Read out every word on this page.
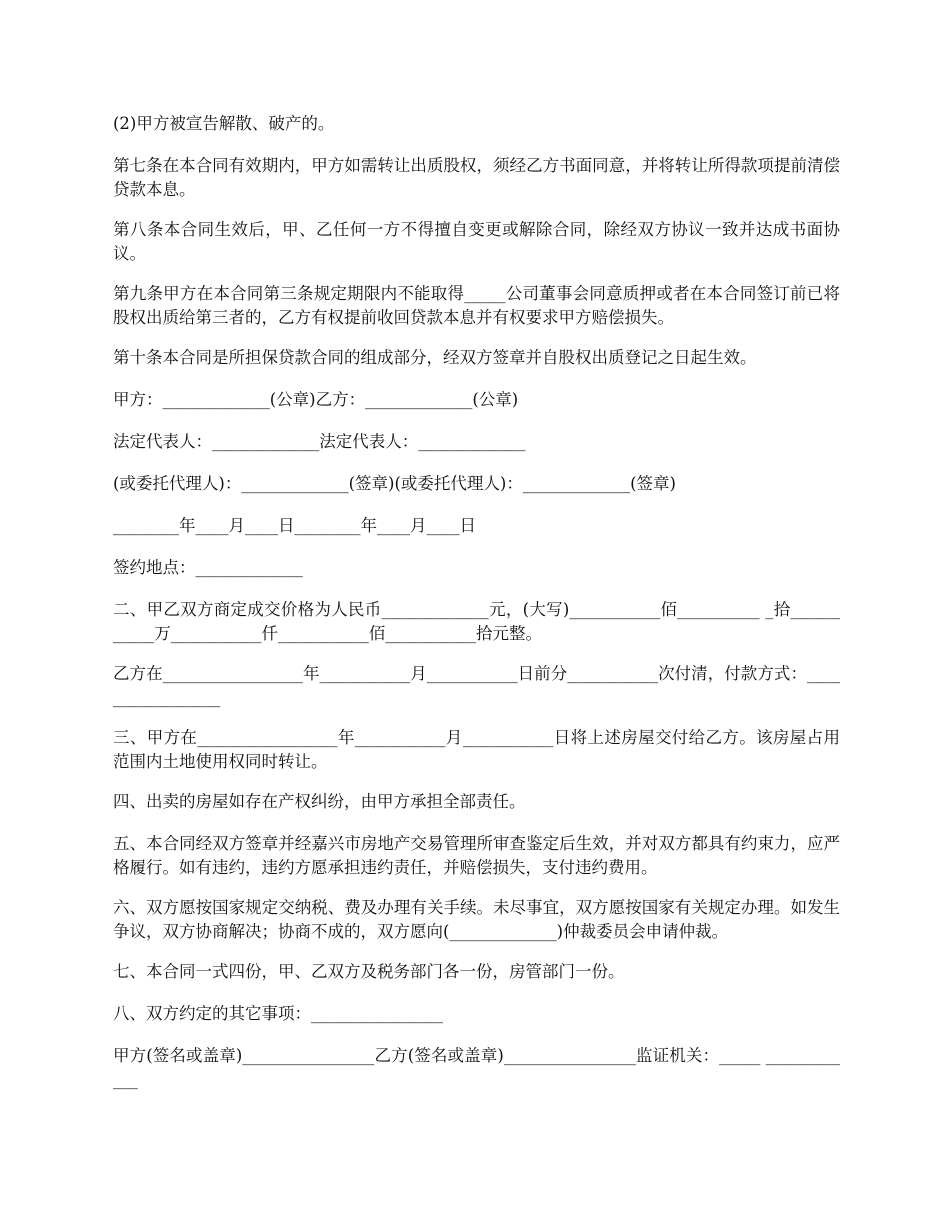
(2)甲方被宣告解散、破产的。

第七条在本合同有效期内，甲方如需转让出质股权，须经乙方书面同意，并将转让所得款项提前清偿贷款本息。

第八条本合同生效后，甲、乙任何一方不得擅自变更或解除合同，除经双方协议一致并达成书面协议。

第九条甲方在本合同第三条规定期限内不能取得_____公司董事会同意质押或者在本合同签订前已将股权出质给第三者的，乙方有权提前收回贷款本息并有权要求甲方赔偿损失。

第十条本合同是所担保贷款合同的组成部分，经双方签章并自股权出质登记之日起生效。

甲方：_____________(公章)乙方：_____________(公章)

法定代表人：_____________法定代表人：_____________

(或委托代理人)：_____________(签章)(或委托代理人)：_____________(签章)

________年____月____日________年____月____日

签约地点：_____________

二、甲乙双方商定成交价格为人民币_____________元，(大写)___________佰__________ _拾___________万___________仟___________佰___________拾元整。

乙方在_________________年___________月___________日前分___________次付清，付款方式：_________________

三、甲方在_________________年___________月___________日将上述房屋交付给乙方。该房屋占用范围内土地使用权同时转让。

四、出卖的房屋如存在产权纠纷，由甲方承担全部责任。

五、本合同经双方签章并经嘉兴市房地产交易管理所审查鉴定后生效，并对双方都具有约束力，应严格履行。如有违约，违约方愿承担违约责任，并赔偿损失，支付违约费用。

六、双方愿按国家规定交纳税、费及办理有关手续。未尽事宜，双方愿按国家有关规定办理。如发生争议，双方协商解决；协商不成的，双方愿向(_____________)仲裁委员会申请仲裁。

七、本合同一式四份，甲、乙双方及税务部门各一份，房管部门一份。

八、双方约定的其它事项：________________

甲方(签名或盖章)________________乙方(签名或盖章)________________监证机关：_____ ____________
